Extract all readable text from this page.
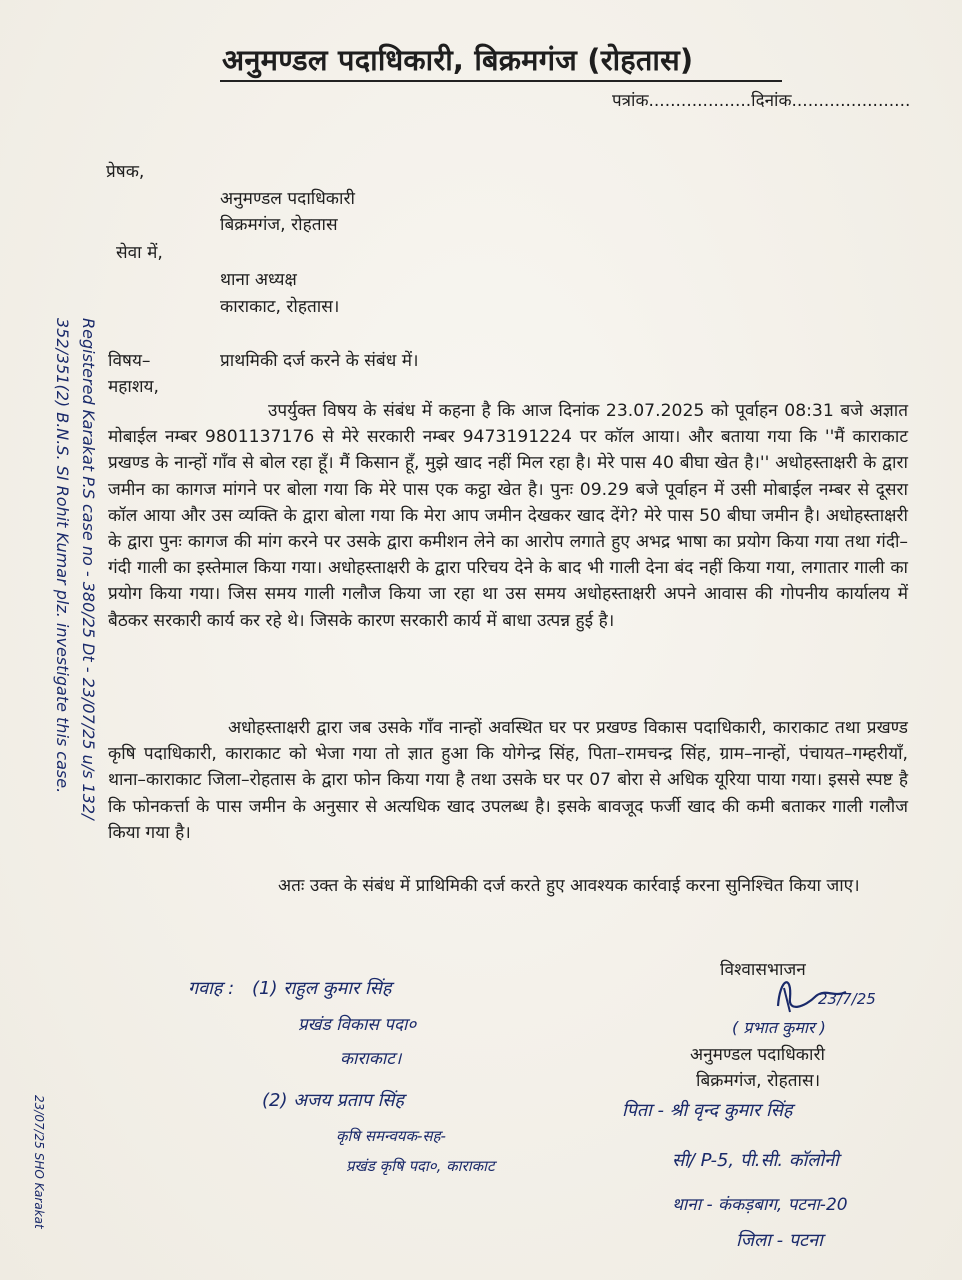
अनुमण्डल पदाधिकारी, बिक्रमगंज (रोहतास)
पत्रांक...................दिनांक......................
प्रेषक,
अनुमण्डल पदाधिकारी
बिक्रमगंज, रोहतास
सेवा में,
थाना अध्यक्ष
काराकाट, रोहतास।
विषय–	प्राथमिकी दर्ज करने के संबंध में।
महाशय,
उपर्युक्त विषय के संबंध में कहना है कि आज दिनांक 23.07.2025 को पूर्वाहन 08:31 बजे अज्ञात मोबाईल नम्बर 9801137176 से मेरे सरकारी नम्बर 9473191224 पर कॉल आया। और बताया गया कि ''मैं काराकाट प्रखण्ड के नान्हों गाँव से बोल रहा हूँ। मैं किसान हूँ, मुझे खाद नहीं मिल रहा है। मेरे पास 40 बीघा खेत है।'' अधोहस्ताक्षरी के द्वारा जमीन का कागज मांगने पर बोला गया कि मेरे पास एक कट्ठा खेत है। पुनः 09.29 बजे पूर्वाहन में उसी मोबाईल नम्बर से दूसरा कॉल आया और उस व्यक्ति के द्वारा बोला गया कि मेरा आप जमीन देखकर खाद देंगे? मेरे पास 50 बीघा जमीन है। अधोहस्ताक्षरी के द्वारा पुनः कागज की मांग करने पर उसके द्वारा कमीशन लेने का आरोप लगाते हुए अभद्र भाषा का प्रयोग किया गया तथा गंदी–गंदी गाली का इस्तेमाल किया गया। अधोहस्ताक्षरी के द्वारा परिचय देने के बाद भी गाली देना बंद नहीं किया गया, लगातार गाली का प्रयोग किया गया। जिस समय गाली गलौज किया जा रहा था उस समय अधोहस्ताक्षरी अपने आवास की गोपनीय कार्यालय में बैठकर सरकारी कार्य कर रहे थे। जिसके कारण सरकारी कार्य में बाधा उत्पन्न हुई है।
अधोहस्ताक्षरी द्वारा जब उसके गाँव नान्हों अवस्थित घर पर प्रखण्ड विकास पदाधिकारी, काराकाट तथा प्रखण्ड कृषि पदाधिकारी, काराकाट को भेजा गया तो ज्ञात हुआ कि योगेन्द्र सिंह, पिता–रामचन्द्र सिंह, ग्राम–नान्हों, पंचायत–गम्हरीयाँ, थाना–काराकाट जिला–रोहतास के द्वारा फोन किया गया है तथा उसके घर पर 07 बोरा से अधिक यूरिया पाया गया। इससे स्पष्ट है कि फोनकर्त्ता के पास जमीन के अनुसार से अत्यधिक खाद उपलब्ध है। इसके बावजूद फर्जी खाद की कमी बताकर गाली गलौज किया गया है।
अतः उक्त के संबंध में प्राथिमिकी दर्ज करते हुए आवश्यक कार्रवाई करना सुनिश्चित किया जाए।
विश्वासभाजन
23/7/25
( प्रभात कुमार )
अनुमण्डल पदाधिकारी
बिक्रमगंज, रोहतास।
गवाह : (1) राहुल कुमार सिंह
प्रखंड विकास पदा०
काराकाट।
(2) अजय प्रताप सिंह
कृषि समन्वयक-सह-
प्रखंड कृषि पदा०, काराकाट
पिता - श्री वृन्द कुमार सिंह
सी/ P-5, पी.सी. कॉलोनी
थाना - कंकड़बाग, पटना-20
जिला - पटना
Registered Karakat P.S case no - 380/25 Dt - 23/07/25 u/s 132/
352/351(2) B.N.S. SI Rohit Kumar plz. investigate this case.
23/07/25 SHO Karakat
